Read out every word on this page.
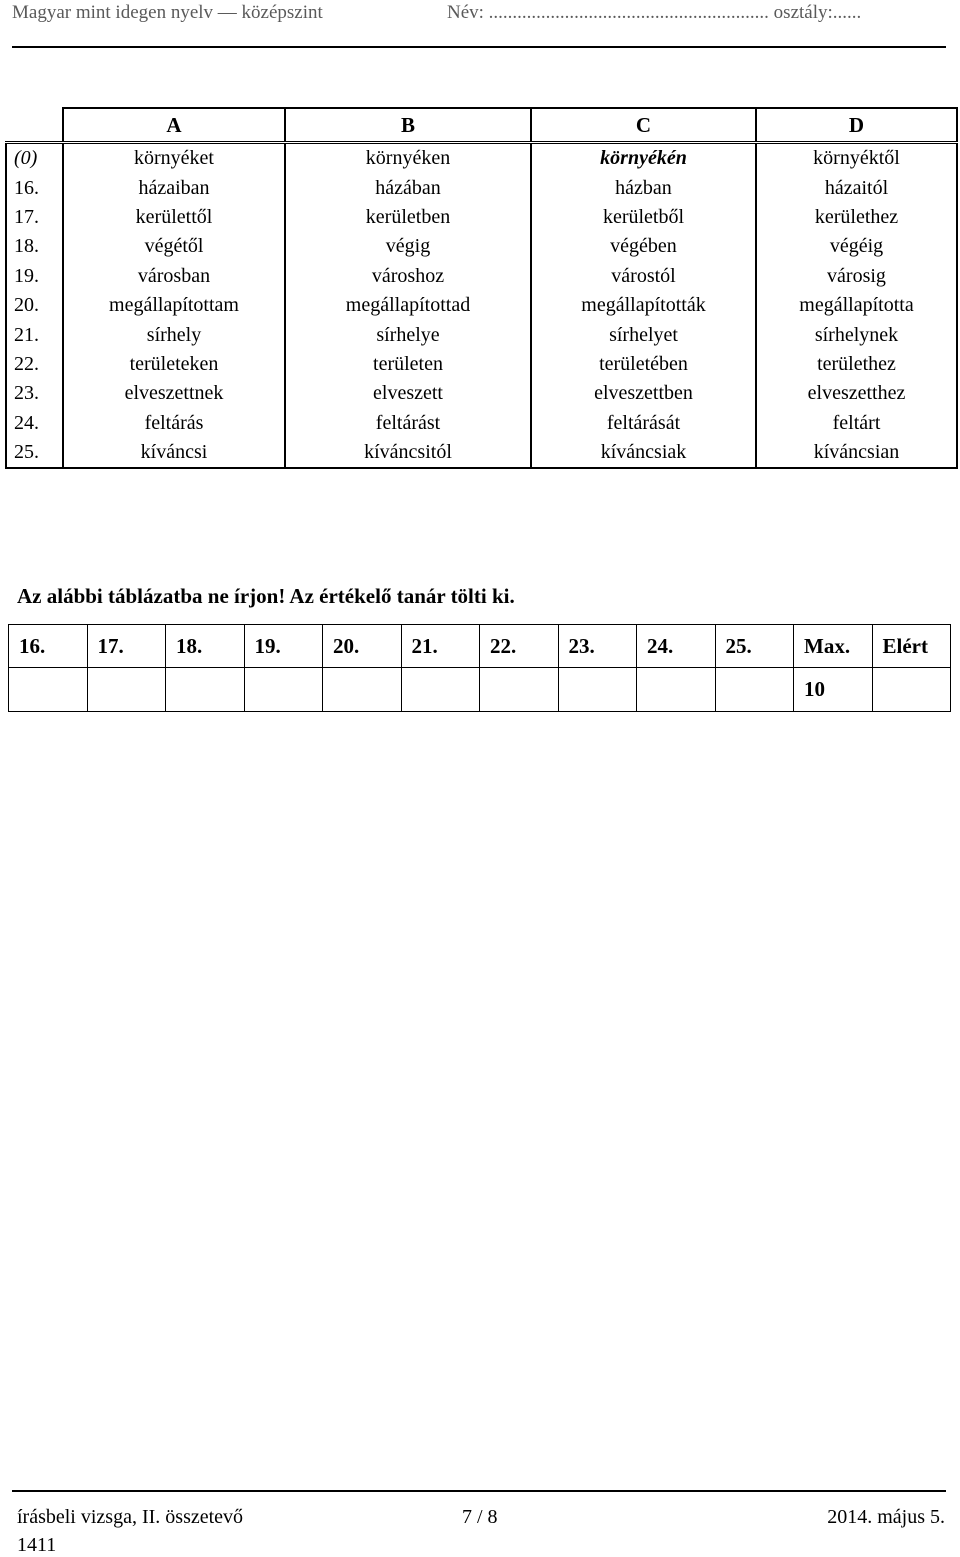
Magyar mint idegen nyelv — középszint	Név: ........................................................... osztály:......
	A	B	C	D
(0)	környéket	környéken	környékén	környéktől
16.	házaiban	házában	házban	házaitól
17.	kerülettől	kerületben	kerületből	kerülethez
18.	végétől	végig	végében	végéig
19.	városban	városhoz	várostól	városig
20.	megállapítottam	megállapítottad	megállapították	megállapította
21.	sírhely	sírhelye	sírhelyet	sírhelynek
22.	területeken	területen	területében	területhez
23.	elveszettnek	elveszett	elveszettben	elveszetthez
24.	feltárás	feltárást	feltárását	feltárt
25.	kíváncsi	kíváncsitól	kíváncsiak	kíváncsian
Az alábbi táblázatba ne írjon! Az értékelő tanár tölti ki.
16.	17.	18.	19.	20.	21.	22.	23.	24.	25.	Max.	Elért
										10	
írásbeli vizsga, II. összetevő	7 / 8	2014. május 5.
1411
